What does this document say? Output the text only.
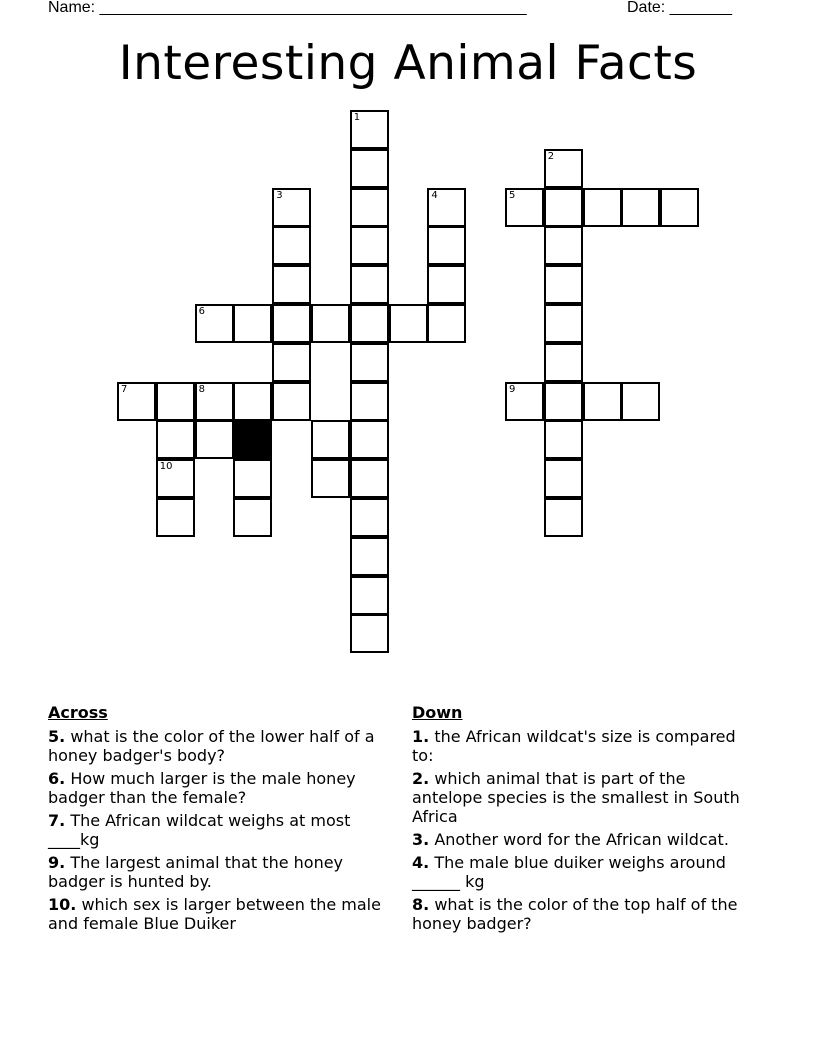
Name: ________________________________________________	Date: _______
Interesting Animal Facts
1
2
3	4	5
6
7	8	9
10
Across
5. what is the color of the lower half of a honey badger's body?
6. How much larger is the male honey badger than the female?
7. The African wildcat weighs at most ____kg
9. The largest animal that the honey badger is hunted by.
10. which sex is larger between the male and female Blue Duiker
Down
1. the African wildcat's size is compared to:
2. which animal that is part of the antelope species is the smallest in South Africa
3. Another word for the African wildcat.
4. The male blue duiker weighs around ______ kg
8. what is the color of the top half of the honey badger?
